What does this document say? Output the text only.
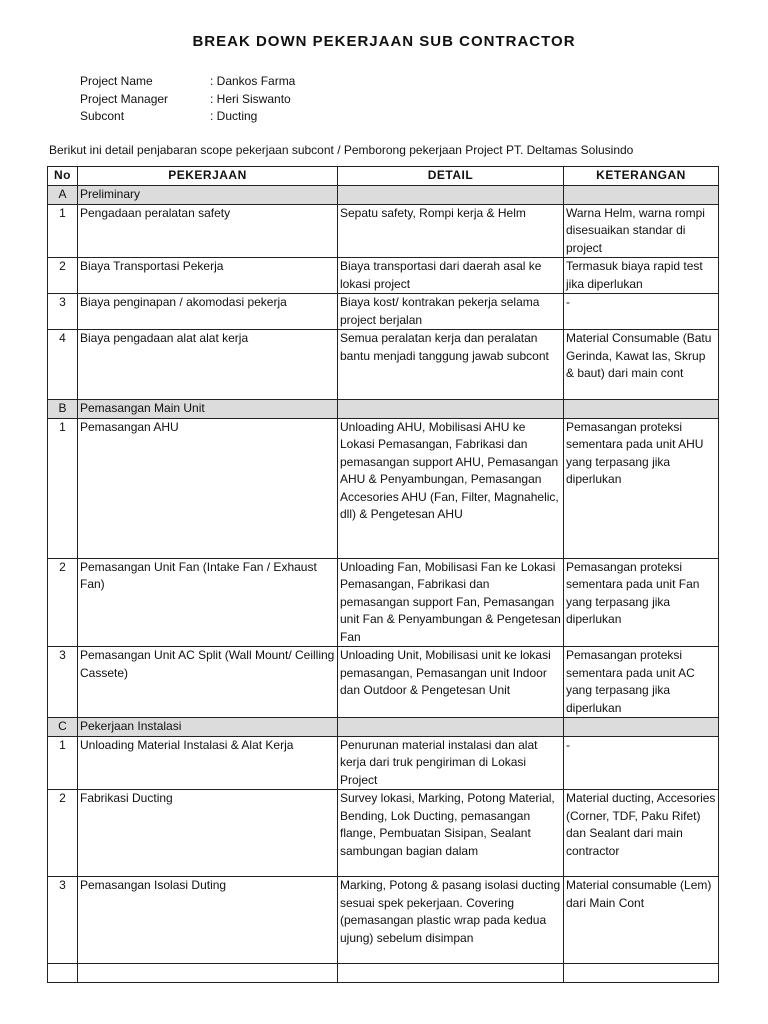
BREAK DOWN PEKERJAAN SUB CONTRACTOR
Project Name	: Dankos Farma
Project Manager	: Heri Siswanto
Subcont	: Ducting
Berikut ini detail penjabaran scope pekerjaan subcont / Pemborong pekerjaan Project PT. Deltamas Solusindo
No	PEKERJAAN	DETAIL	KETERANGAN
A	Preliminary		
1	Pengadaan peralatan safety	Sepatu safety, Rompi kerja & Helm	Warna Helm, warna rompi disesuaikan standar di project
2	Biaya Transportasi Pekerja	Biaya transportasi dari daerah asal ke lokasi project	Termasuk biaya rapid test jika diperlukan
3	Biaya penginapan / akomodasi pekerja	Biaya kost/ kontrakan pekerja selama project berjalan	-
4	Biaya pengadaan alat alat kerja	Semua peralatan kerja dan peralatan bantu menjadi tanggung jawab subcont	Material Consumable (Batu Gerinda, Kawat las, Skrup & baut) dari main cont
B	Pemasangan Main Unit		
1	Pemasangan AHU	Unloading AHU, Mobilisasi AHU ke Lokasi Pemasangan, Fabrikasi dan pemasangan support AHU, Pemasangan AHU & Penyambungan, Pemasangan Accesories AHU (Fan, Filter, Magnahelic, dll) & Pengetesan AHU	Pemasangan proteksi sementara pada unit AHU yang terpasang jika diperlukan
2	Pemasangan Unit Fan (Intake Fan / Exhaust Fan)	Unloading Fan, Mobilisasi Fan ke Lokasi Pemasangan, Fabrikasi dan pemasangan support Fan, Pemasangan unit Fan & Penyambungan & Pengetesan Fan	Pemasangan proteksi sementara pada unit Fan yang terpasang jika diperlukan
3	Pemasangan Unit AC Split (Wall Mount/ Ceilling Cassete)	Unloading Unit, Mobilisasi unit ke lokasi pemasangan, Pemasangan unit Indoor dan Outdoor & Pengetesan Unit	Pemasangan proteksi sementara pada unit AC yang terpasang jika diperlukan
C	Pekerjaan Instalasi		
1	Unloading Material Instalasi & Alat Kerja	Penurunan material instalasi dan alat kerja dari truk pengiriman di Lokasi Project	-
2	Fabrikasi Ducting	Survey lokasi, Marking, Potong Material, Bending, Lok Ducting, pemasangan flange, Pembuatan Sisipan, Sealant sambungan bagian dalam	Material ducting, Accesories (Corner, TDF, Paku Rifet) dan Sealant dari main contractor
3	Pemasangan Isolasi Duting	Marking, Potong & pasang isolasi ducting sesuai spek pekerjaan. Covering (pemasangan plastic wrap pada kedua ujung) sebelum disimpan	Material consumable (Lem) dari Main Cont
